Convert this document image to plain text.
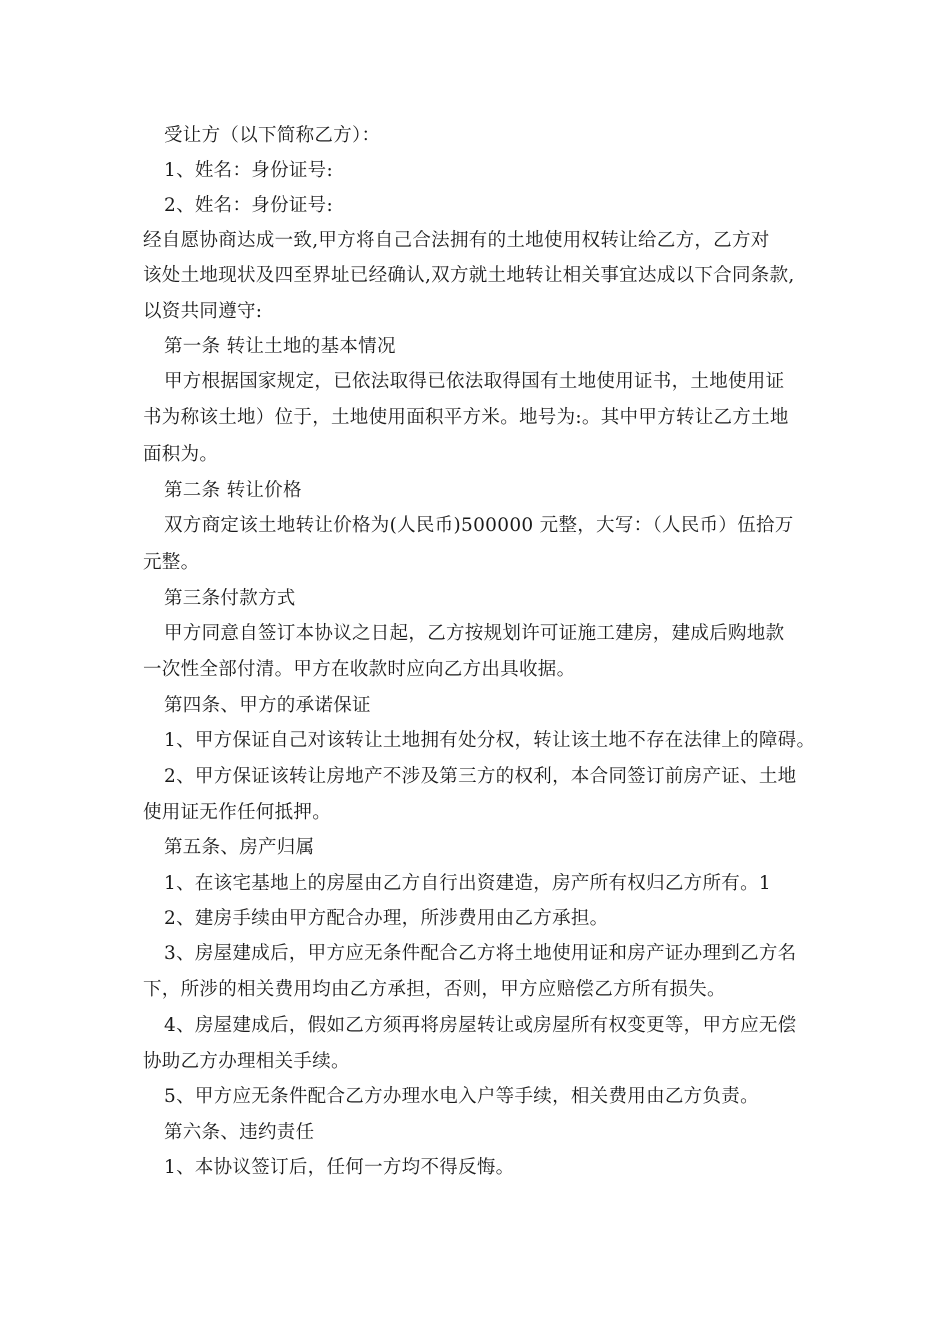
受让方（以下简称乙方）：
1、姓名：身份证号:
2、姓名：身份证号:
经自愿协商达成一致,甲方将自己合法拥有的土地使用权转让给乙方，乙方对
该处土地现状及四至界址已经确认,双方就土地转让相关事宜达成以下合同条款,
以资共同遵守:
第一条 转让土地的基本情况
甲方根据国家规定，已依法取得已依法取得国有土地使用证书，土地使用证
书为称该土地）位于，土地使用面积平方米。地号为:。其中甲方转让乙方土地
面积为。
第二条 转让价格
双方商定该土地转让价格为(人民币)500000 元整，大写：（人民币）伍拾万
元整。
第三条付款方式
甲方同意自签订本协议之日起，乙方按规划许可证施工建房，建成后购地款
一次性全部付清。甲方在收款时应向乙方出具收据。
第四条、甲方的承诺保证
1、甲方保证自己对该转让土地拥有处分权，转让该土地不存在法律上的障碍。
2、甲方保证该转让房地产不涉及第三方的权利，本合同签订前房产证、土地
使用证无作任何抵押。
第五条、房产归属
1、在该宅基地上的房屋由乙方自行出资建造，房产所有权归乙方所有。1
2、建房手续由甲方配合办理，所涉费用由乙方承担。
3、房屋建成后，甲方应无条件配合乙方将土地使用证和房产证办理到乙方名
下，所涉的相关费用均由乙方承担，否则，甲方应赔偿乙方所有损失。
4、房屋建成后，假如乙方须再将房屋转让或房屋所有权变更等，甲方应无偿
协助乙方办理相关手续。
5、甲方应无条件配合乙方办理水电入户等手续，相关费用由乙方负责。
第六条、违约责任
1、本协议签订后，任何一方均不得反悔。
